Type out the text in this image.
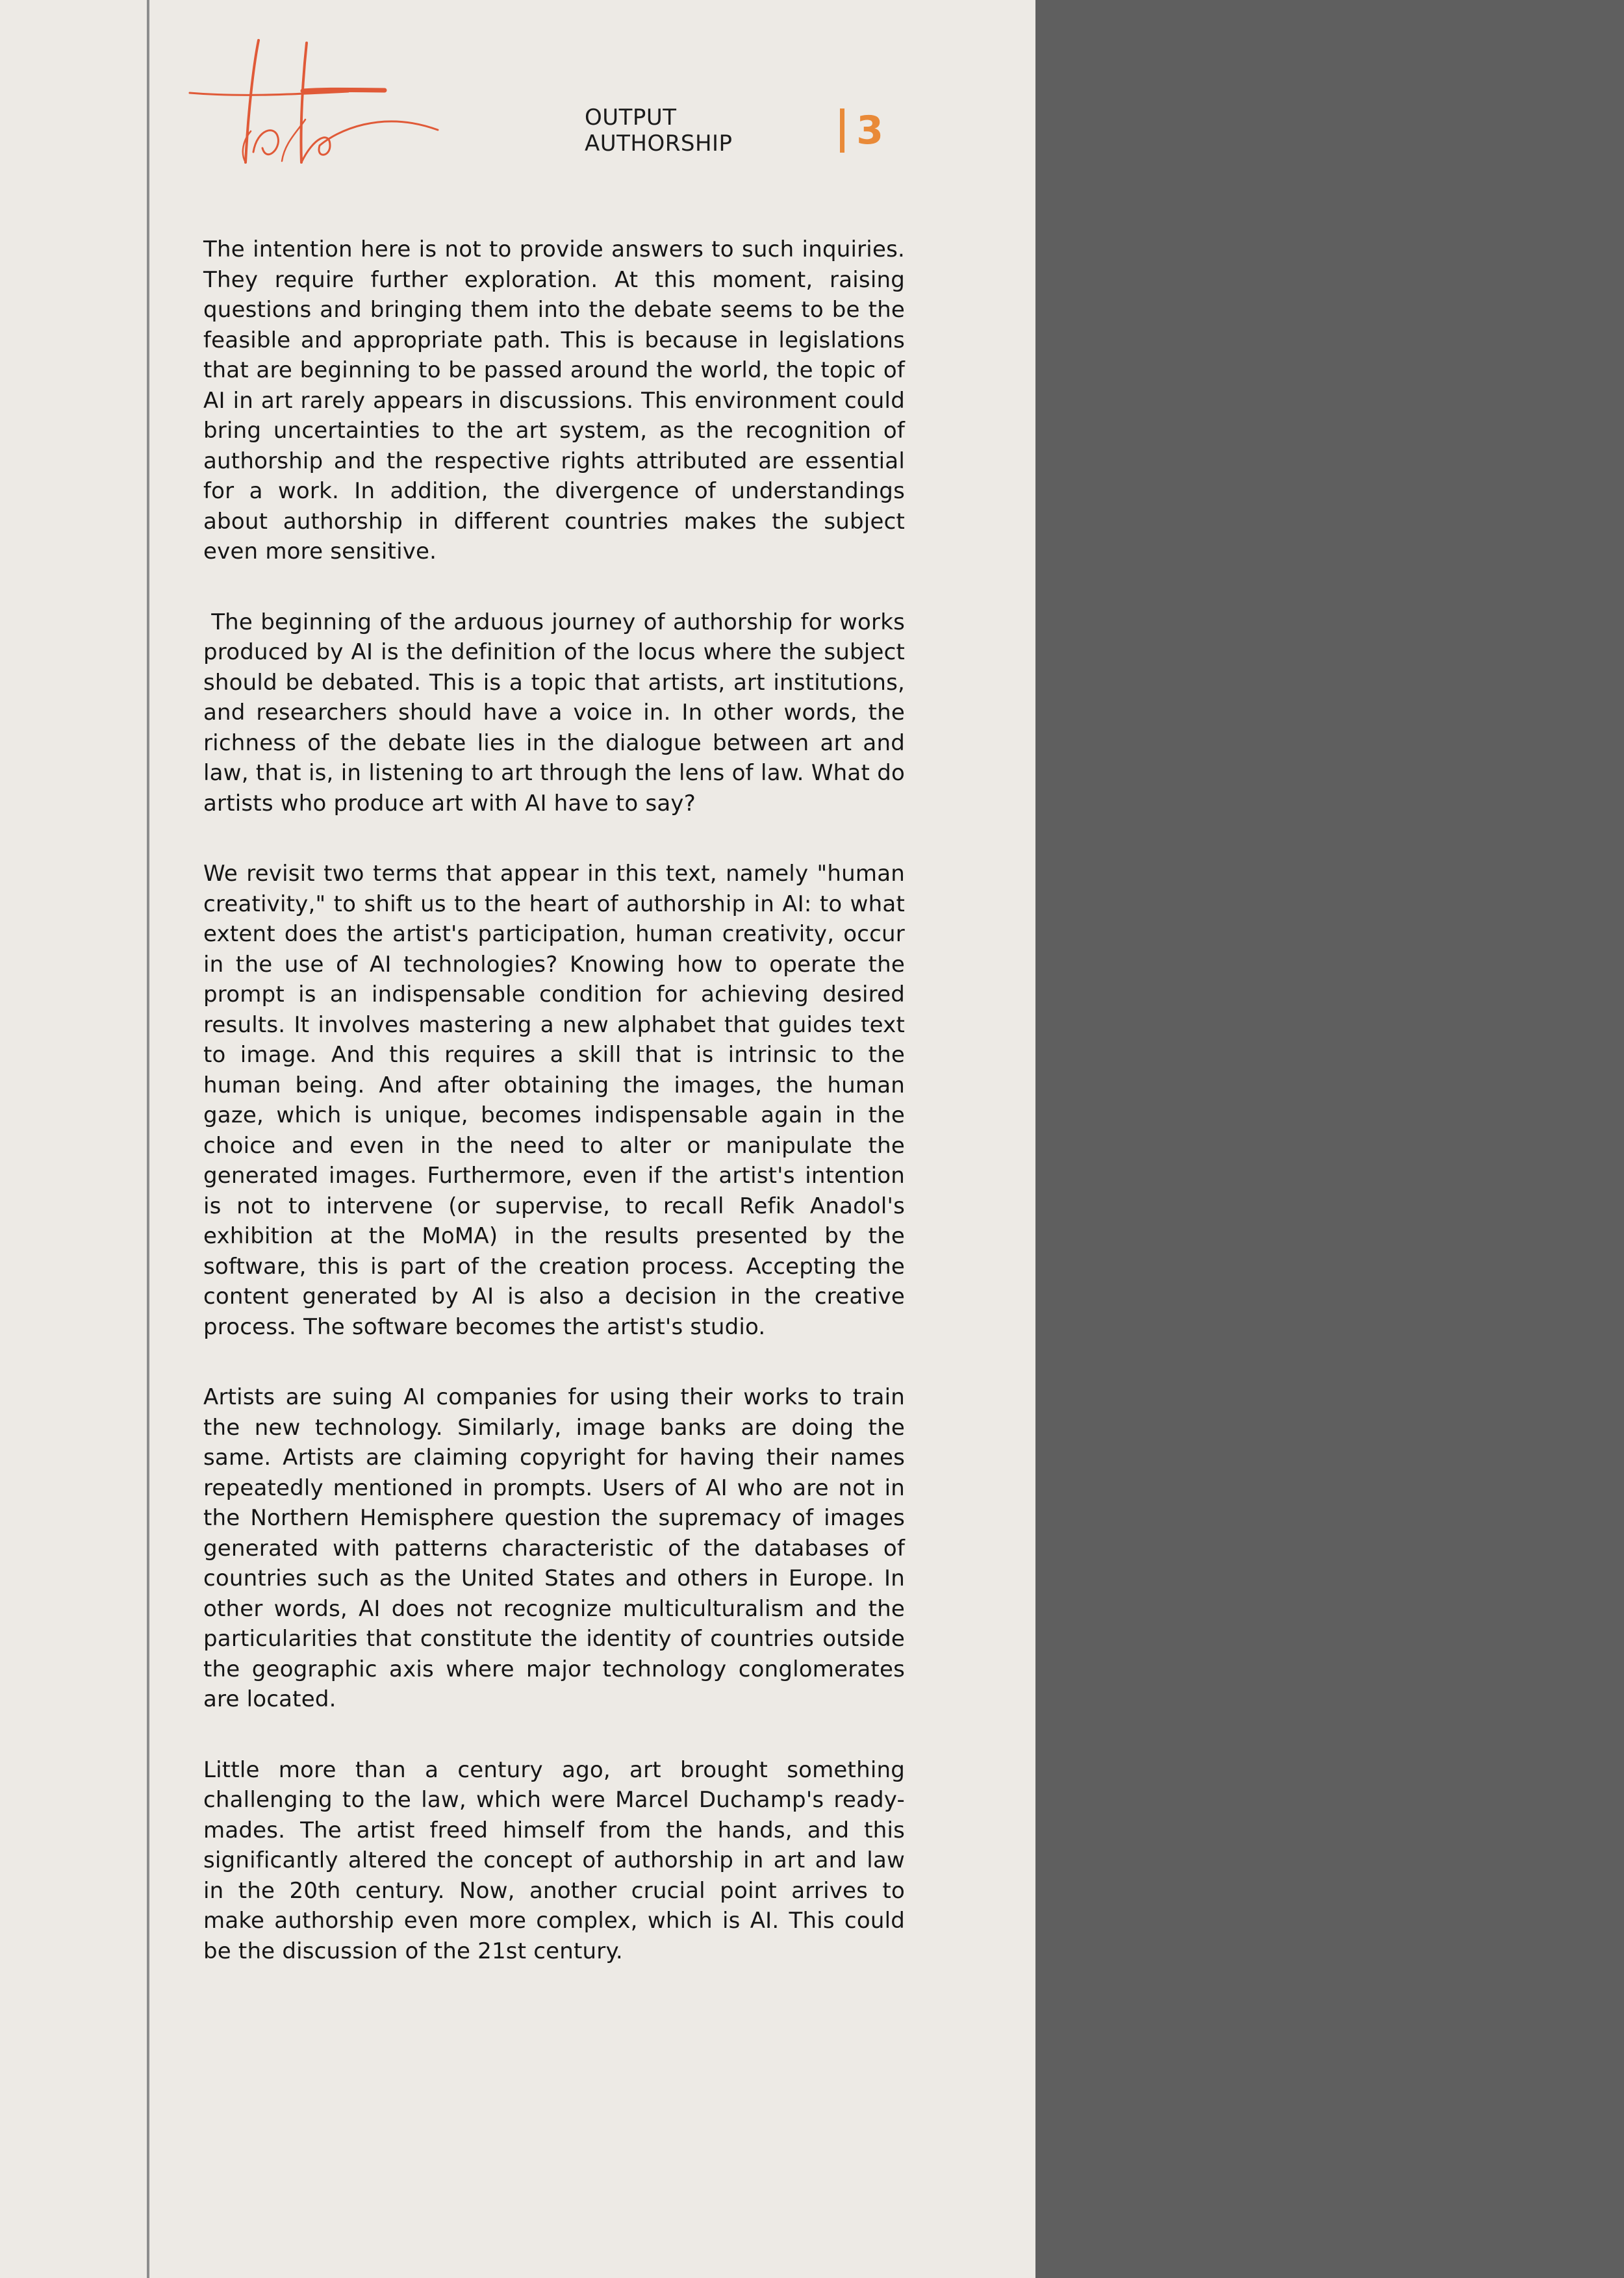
OUTPUT AUTHORSHIP	3

The intention here is not to provide answers to such inquiries. They require further exploration. At this moment, raising questions and bringing them into the debate seems to be the feasible and appropriate path. This is because in legislations that are beginning to be passed around the world, the topic of AI in art rarely appears in discussions. This environment could bring uncertainties to the art system, as the recognition of authorship and the respective rights attributed are essential for a work. In addition, the divergence of understandings about authorship in different countries makes the subject even more sensitive.

The beginning of the arduous journey of authorship for works produced by AI is the definition of the locus where the subject should be debated. This is a topic that artists, art institutions, and researchers should have a voice in. In other words, the richness of the debate lies in the dialogue between art and law, that is, in listening to art through the lens of law. What do artists who produce art with AI have to say?

We revisit two terms that appear in this text, namely "human creativity," to shift us to the heart of authorship in AI: to what extent does the artist's participation, human creativity, occur in the use of AI technologies? Knowing how to operate the prompt is an indispensable condition for achieving desired results. It involves mastering a new alphabet that guides text to image. And this requires a skill that is intrinsic to the human being. And after obtaining the images, the human gaze, which is unique, becomes indispensable again in the choice and even in the need to alter or manipulate the generated images. Furthermore, even if the artist's intention is not to intervene (or supervise, to recall Refik Anadol's exhibition at the MoMA) in the results presented by the software, this is part of the creation process. Accepting the content generated by AI is also a decision in the creative process. The software becomes the artist's studio.

Artists are suing AI companies for using their works to train the new technology. Similarly, image banks are doing the same. Artists are claiming copyright for having their names repeatedly mentioned in prompts. Users of AI who are not in the Northern Hemisphere question the supremacy of images generated with patterns characteristic of the databases of countries such as the United States and others in Europe. In other words, AI does not recognize multiculturalism and the particularities that constitute the identity of countries outside the geographic axis where major technology conglomerates are located.

Little more than a century ago, art brought something challenging to the law, which were Marcel Duchamp's ready-mades. The artist freed himself from the hands, and this significantly altered the concept of authorship in art and law in the 20th century. Now, another crucial point arrives to make authorship even more complex, which is AI. This could be the discussion of the 21st century.
